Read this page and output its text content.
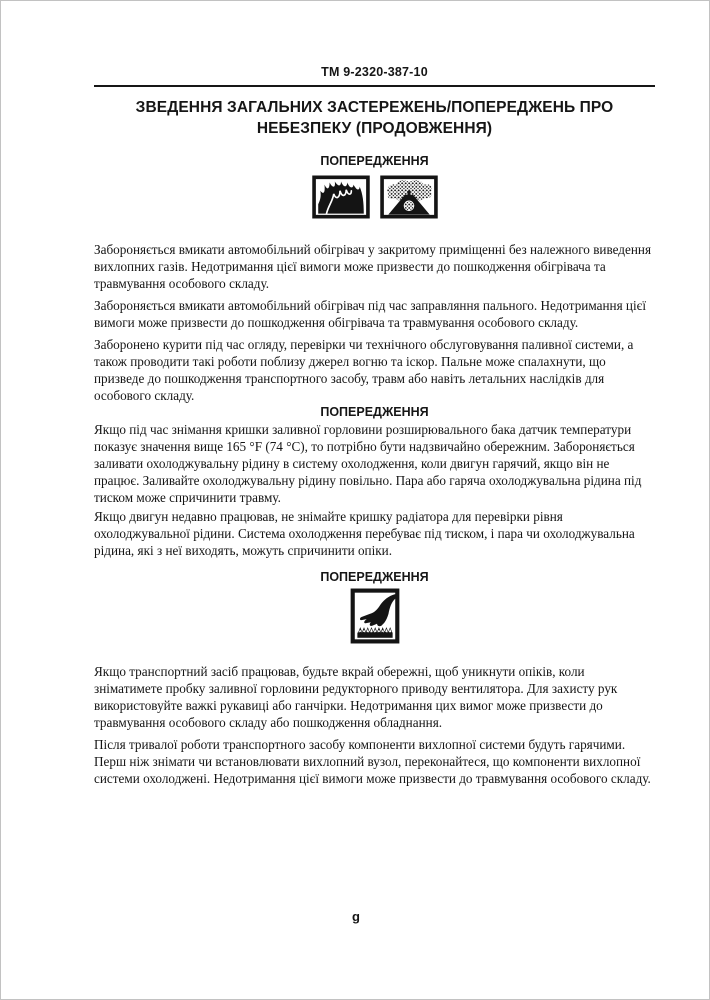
ТМ 9-2320-387-10
ЗВЕДЕННЯ ЗАГАЛЬНИХ ЗАСТЕРЕЖЕНЬ/ПОПЕРЕДЖЕНЬ ПРО НЕБЕЗПЕКУ (ПРОДОВЖЕННЯ)
ПОПЕРЕДЖЕННЯ

Забороняється вмикати автомобільний обігрівач у закритому приміщенні без належного виведення вихлопних газів. Недотримання цієї вимоги може призвести до пошкодження обігрівача та травмування особового складу.

Забороняється вмикати автомобільний обігрівач під час заправляння пального. Недотримання цієї вимоги може призвести до пошкодження обігрівача та травмування особового складу.

Заборонено курити під час огляду, перевірки чи технічного обслуговування паливної системи, а також проводити такі роботи поблизу джерел вогню та іскор. Пальне може спалахнути, що призведе до пошкодження транспортного засобу, травм або навіть летальних наслідків для особового складу.

ПОПЕРЕДЖЕННЯ

Якщо під час знімання кришки заливної горловини розширювального бака датчик температури показує значення вище 165 °F (74 °C), то потрібно бути надзвичайно обережним. Забороняється заливати охолоджувальну рідину в систему охолодження, коли двигун гарячий, якщо він не працює. Заливайте охолоджувальну рідину повільно. Пара або гаряча охолоджувальна рідина під тиском може спричинити травму.

Якщо двигун недавно працював, не знімайте кришку радіатора для перевірки рівня охолоджувальної рідини. Система охолодження перебуває під тиском, і пара чи охолоджувальна рідина, які з неї виходять, можуть спричинити опіки.

ПОПЕРЕДЖЕННЯ

Якщо транспортний засіб працював, будьте вкрай обережні, щоб уникнути опіків, коли зніматимете пробку заливної горловини редукторного приводу вентилятора. Для захисту рук використовуйте важкі рукавиці або ганчірки. Недотримання цих вимог може призвести до травмування особового складу або пошкодження обладнання.

Після тривалої роботи транспортного засобу компоненти вихлопної системи будуть гарячими. Перш ніж знімати чи встановлювати вихлопний вузол, переконайтеся, що компоненти вихлопної системи охолоджені. Недотримання цієї вимоги може призвести до травмування особового складу.

g
